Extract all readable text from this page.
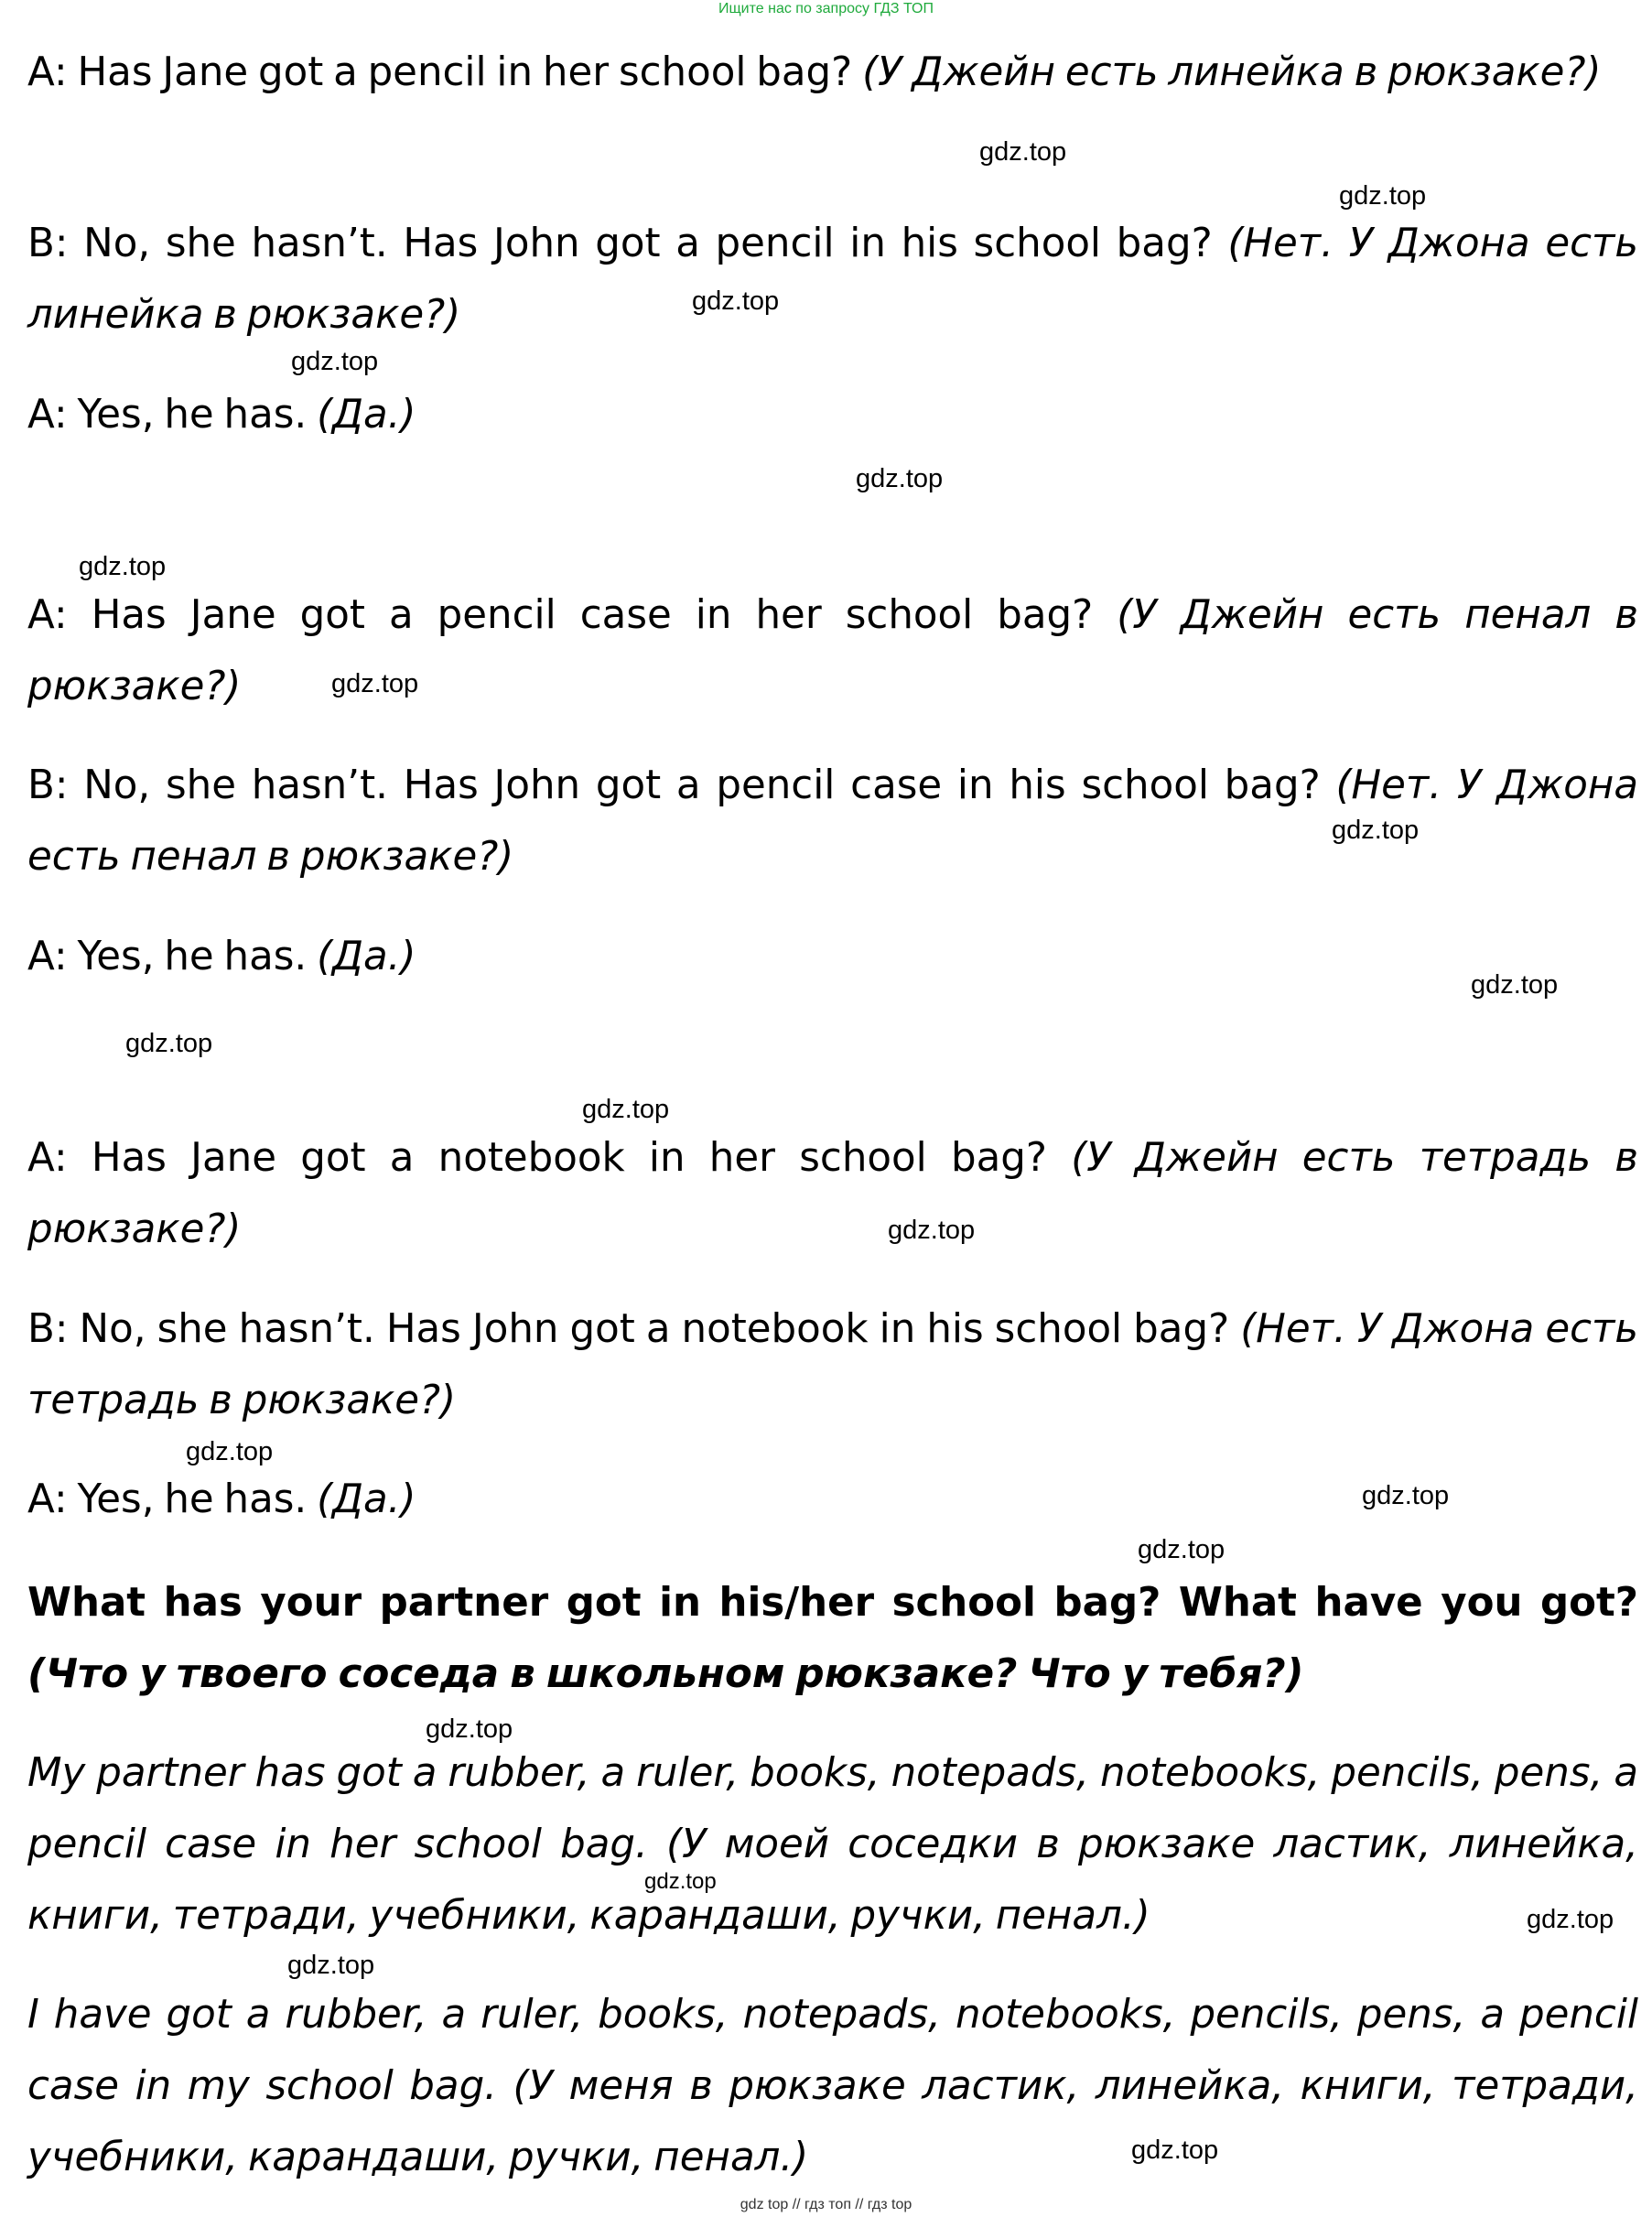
Ищите нас по запросу ГДЗ ТОП
A: Has Jane got a pencil in her school bag? (У Джейн есть линейка в рюкзаке?)
B: No, she hasn’t. Has John got a pencil in his school bag? (Нет. У Джона есть линейка в рюкзаке?)
A: Yes, he has. (Да.)
A: Has Jane got a pencil case in her school bag? (У Джейн есть пенал в рюкзаке?)
B: No, she hasn’t. Has John got a pencil case in his school bag? (Нет. У Джона есть пенал в рюкзаке?)
A: Yes, he has. (Да.)
A: Has Jane got a notebook in her school bag? (У Джейн есть тетрадь в рюкзаке?)
B: No, she hasn’t. Has John got a notebook in his school bag? (Нет. У Джона есть тетрадь в рюкзаке?)
A: Yes, he has. (Да.)
What has your partner got in his/her school bag? What have you got? (Что у твоего соседа в школьном рюкзаке? Что у тебя?)
My partner has got a rubber, a ruler, books, notepads, notebooks, pencils, pens, a pencil case in her school bag. (У моей соседки в рюкзаке ластик, линейка, книги, тетради, учебники, карандаши, ручки, пенал.)
I have got a rubber, a ruler, books, notepads, notebooks, pencils, pens, a pencil case in my school bag. (У меня в рюкзаке ластик, линейка, книги, тетради, учебники, карандаши, ручки, пенал.)
gdz.top
gdz.top
gdz.top
gdz.top
gdz.top
gdz.top
gdz.top
gdz.top
gdz.top
gdz.top
gdz.top
gdz.top
gdz.top
gdz.top
gdz.top
gdz.top
gdz.top
gdz.top
gdz.top
gdz.top
gdz top // гдз топ // гдз top
